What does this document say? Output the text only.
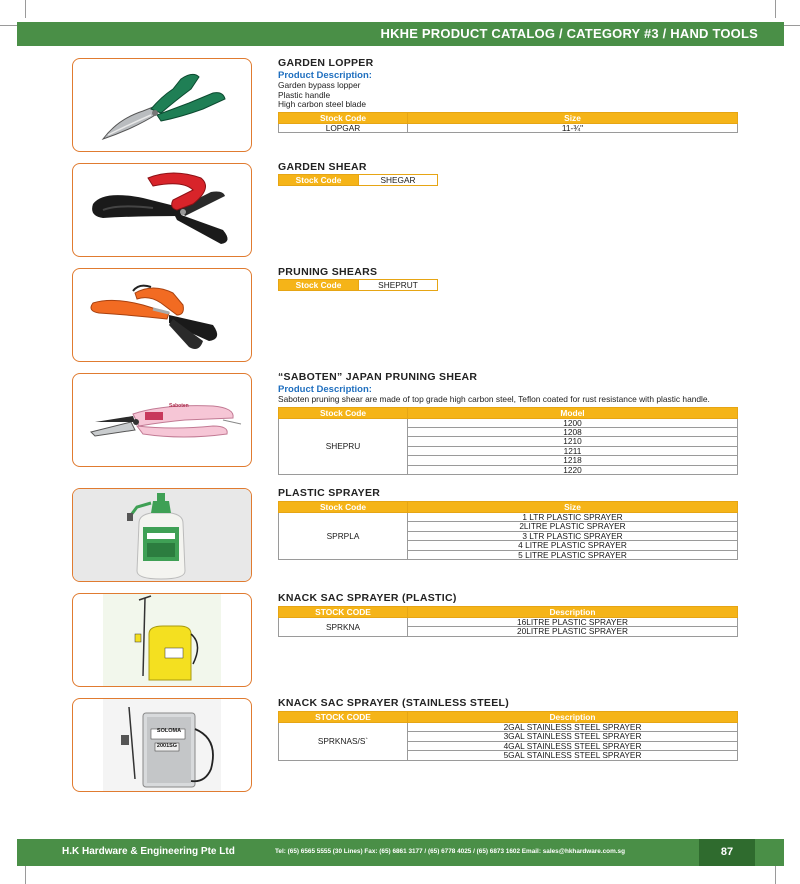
HKHE PRODUCT CATALOG / CATEGORY #3 / HAND TOOLS
Saboten
SOLOMA
2001SG
GARDEN LOPPER
Product Description:
Garden bypass lopper
Plastic handle
High carbon steel blade
Stock Code	Size
LOPGAR	11-¾"
GARDEN SHEAR
Stock Code	SHEGAR
PRUNING SHEARS
Stock Code	SHEPRUT
“SABOTEN” JAPAN PRUNING SHEAR
Product Description:
Saboten pruning shear are made of top grade high carbon steel, Teflon coated for rust resistance with plastic handle.
Stock Code	Model
SHEPRU	1200
	1208
	1210
	1211
	1218
	1220
PLASTIC SPRAYER
Stock Code	Size
SPRPLA	1 LTR PLASTIC SPRAYER
	2LITRE PLASTIC SPRAYER
	3 LTR PLASTIC SPRAYER
	4 LITRE PLASTIC SPRAYER
	5 LITRE PLASTIC SPRAYER
KNACK SAC SPRAYER (PLASTIC)
STOCK CODE	Description
SPRKNA	16LITRE PLASTIC SPRAYER
	20LITRE PLASTIC SPRAYER
KNACK SAC SPRAYER (STAINLESS STEEL)
STOCK CODE	Description
SPRKNAS/S`	2GAL STAINLESS STEEL SPRAYER
	3GAL STAINLESS STEEL SPRAYER
	4GAL STAINLESS STEEL SPRAYER
	5GAL STAINLESS STEEL SPRAYER
H.K Hardware & Engineering Pte Ltd	Tel: (65) 6565 5555 (30 Lines) Fax: (65) 6861 3177 / (65) 6778 4025 / (65) 6873 1602 Email: sales@hkhardware.com.sg	87
